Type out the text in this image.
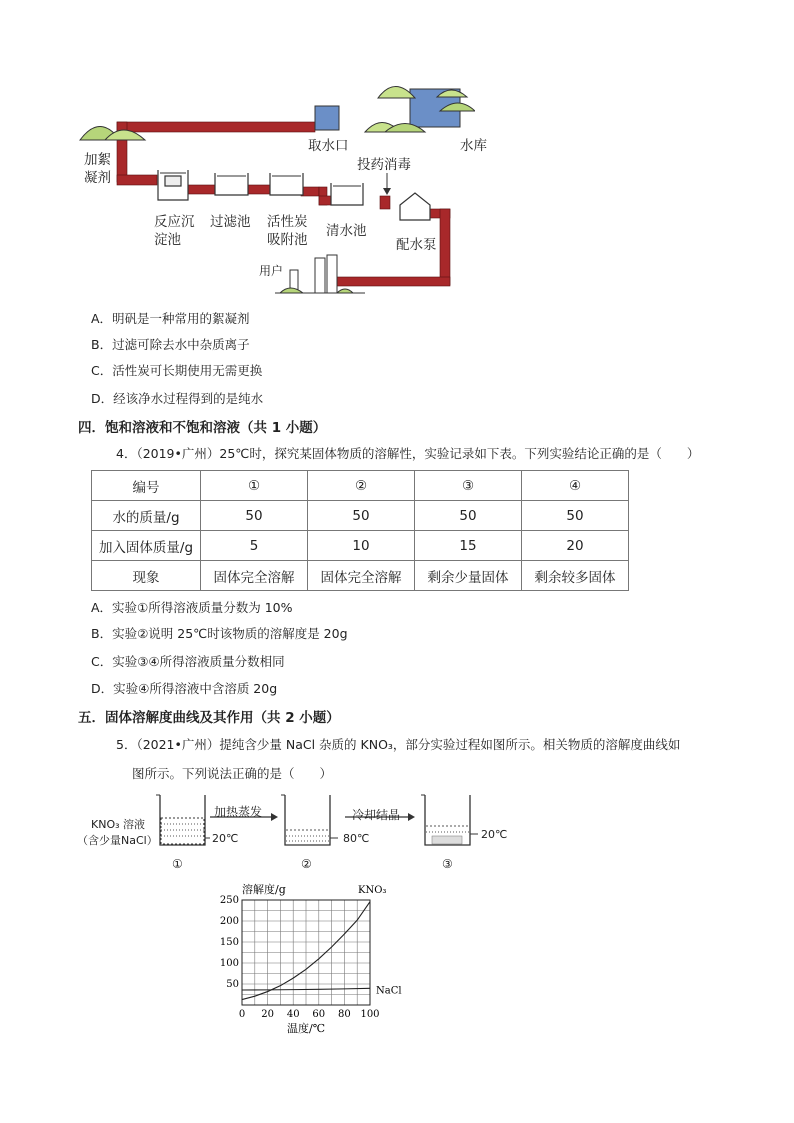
取水口	水库
加絮
凝剂
投药消毒
反应沉
淀池
过滤池 活性炭
吸附池
清水池
配水泵
用户
A．明矾是一种常用的絮凝剂
B．过滤可除去水中杂质离子
C．活性炭可长期使用无需更换
D．经该净水过程得到的是纯水
四．饱和溶液和不饱和溶液（共 1 小题）
4．（2019•广州）25℃时，探究某固体物质的溶解性，实验记录如下表。下列实验结论正确的是（　　）
编号	①	②	③	④
水的质量/g	50	50	50	50
加入固体质量/g	5	10	15	20
现象	固体完全溶解	固体完全溶解	剩余少量固体	剩余较多固体
A．实验①所得溶液质量分数为 10%
B．实验②说明 25℃时该物质的溶解度是 20g
C．实验③④所得溶液质量分数相同
D．实验④所得溶液中含溶质 20g
五．固体溶解度曲线及其作用（共 2 小题）
5．（2021•广州）提纯含少量 NaCl 杂质的 KNO₃，部分实验过程如图所示。相关物质的溶解度曲线如
图所示。下列说法正确的是（　　）
KNO₃ 溶液
（含少量NaCl）	20℃
加热蒸发
80℃
冷却结晶
20℃
①	②	③
0 20 40 60 80 100
50
100
150
200
250
溶解度/g
温度/℃
KNO₃
NaCl
